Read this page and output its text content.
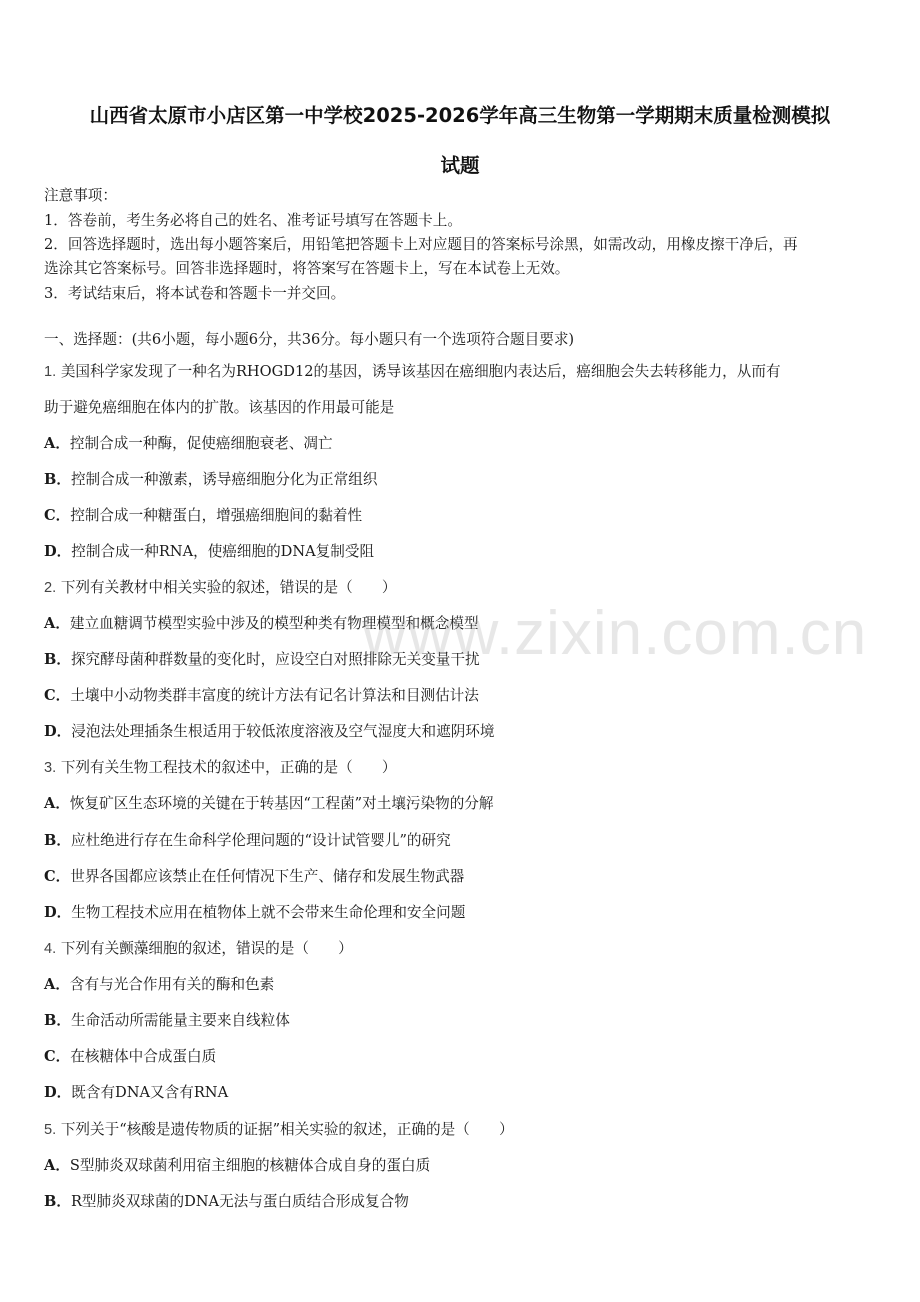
山西省太原市小店区第一中学校2025-2026学年高三生物第一学期期末质量检测模拟
试题
注意事项：
1．答卷前，考生务必将自己的姓名、准考证号填写在答题卡上。
2．回答选择题时，选出每小题答案后，用铅笔把答题卡上对应题目的答案标号涂黑，如需改动，用橡皮擦干净后，再
选涂其它答案标号。回答非选择题时，将答案写在答题卡上，写在本试卷上无效。
3．考试结束后，将本试卷和答题卡一并交回。
一、选择题：(共6小题，每小题6分，共36分。每小题只有一个选项符合题目要求)
1. 美国科学家发现了一种名为RHOGD12的基因，诱导该基因在癌细胞内表达后，癌细胞会失去转移能力，从而有
助于避免癌细胞在体内的扩散。该基因的作用最可能是
A．控制合成一种酶，促使癌细胞衰老、凋亡
B．控制合成一种激素，诱导癌细胞分化为正常组织
C．控制合成一种糖蛋白，增强癌细胞间的黏着性
D．控制合成一种RNA，使癌细胞的DNA复制受阻
2. 下列有关教材中相关实验的叙述，错误的是（　　）
A．建立血糖调节模型实验中涉及的模型种类有物理模型和概念模型
B．探究酵母菌种群数量的变化时，应设空白对照排除无关变量干扰
C．土壤中小动物类群丰富度的统计方法有记名计算法和目测估计法
D．浸泡法处理插条生根适用于较低浓度溶液及空气湿度大和遮阴环境
3. 下列有关生物工程技术的叙述中，正确的是（　　）
A．恢复矿区生态环境的关键在于转基因“工程菌”对土壤污染物的分解
B．应杜绝进行存在生命科学伦理问题的“设计试管婴儿”的研究
C．世界各国都应该禁止在任何情况下生产、储存和发展生物武器
D．生物工程技术应用在植物体上就不会带来生命伦理和安全问题
4. 下列有关颤藻细胞的叙述，错误的是（　　）
A．含有与光合作用有关的酶和色素
B．生命活动所需能量主要来自线粒体
C．在核糖体中合成蛋白质
D．既含有DNA又含有RNA
5. 下列关于“核酸是遗传物质的证据”相关实验的叙述，正确的是（　　）
A．S型肺炎双球菌利用宿主细胞的核糖体合成自身的蛋白质
B．R型肺炎双球菌的DNA无法与蛋白质结合形成复合物
www.zixin.com.cn
